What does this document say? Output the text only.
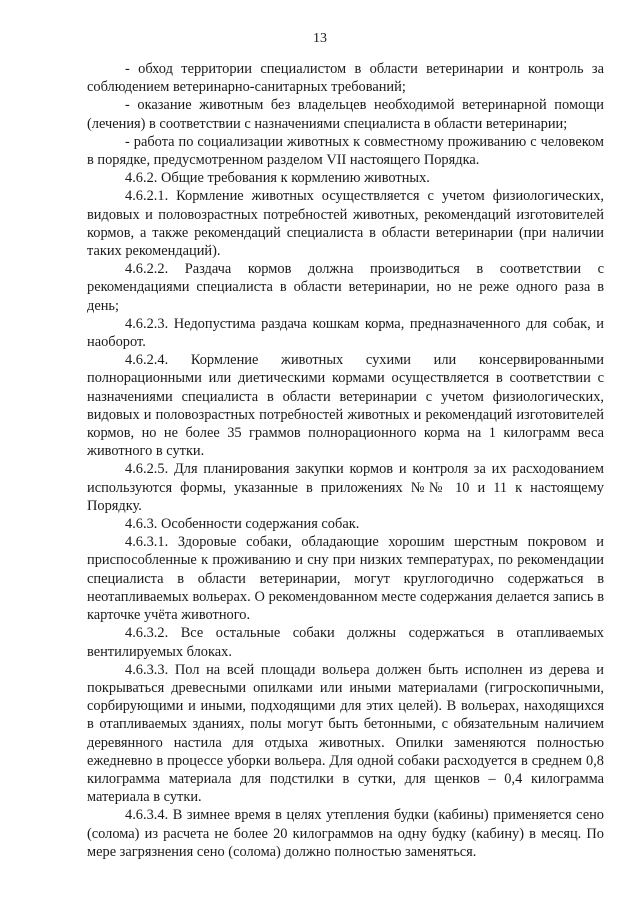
13

- обход территории специалистом в области ветеринарии и контроль за соблюдением ветеринарно-санитарных требований;

- оказание животным без владельцев необходимой ветеринарной помощи (лечения) в соответствии с назначениями специалиста в области ветеринарии;

- работа по социализации животных к совместному проживанию с человеком в порядке, предусмотренном разделом VII настоящего Порядка.

4.6.2. Общие требования к кормлению животных.

4.6.2.1. Кормление животных осуществляется с учетом физиологических, видовых и половозрастных потребностей животных, рекомендаций изготовителей кормов, а также рекомендаций специалиста в области ветеринарии (при наличии таких рекомендаций).

4.6.2.2. Раздача кормов должна производиться в соответствии с рекомендациями специалиста в области ветеринарии, но не реже одного раза в день;

4.6.2.3. Недопустима раздача кошкам корма, предназначенного для собак, и наоборот.

4.6.2.4. Кормление животных сухими или консервированными полнорационными или диетическими кормами осуществляется в соответствии с назначениями специалиста в области ветеринарии с учетом физиологических, видовых и половозрастных потребностей животных и рекомендаций изготовителей кормов, но не более 35 граммов полнорационного корма на 1 килограмм веса животного в сутки.

4.6.2.5. Для планирования закупки кормов и контроля за их расходованием используются формы, указанные в приложениях №№ 10 и 11 к настоящему Порядку.

4.6.3. Особенности содержания собак.

4.6.3.1. Здоровые собаки, обладающие хорошим шерстным покровом и приспособленные к проживанию и сну при низких температурах, по рекомендации специалиста в области ветеринарии, могут круглогодично содержаться в неотапливаемых вольерах. О рекомендованном месте содержания делается запись в карточке учёта животного.

4.6.3.2. Все остальные собаки должны содержаться в отапливаемых вентилируемых блоках.

4.6.3.3. Пол на всей площади вольера должен быть исполнен из дерева и покрываться древесными опилками или иными материалами (гигроскопичными, сорбирующими и иными, подходящими для этих целей). В вольерах, находящихся в отапливаемых зданиях, полы могут быть бетонными, с обязательным наличием деревянного настила для отдыха животных. Опилки заменяются полностью ежедневно в процессе уборки вольера. Для одной собаки расходуется в среднем 0,8 килограмма материала для подстилки в сутки, для щенков – 0,4 килограмма материала в сутки.

4.6.3.4. В зимнее время в целях утепления будки (кабины) применяется сено (солома) из расчета не более 20 килограммов на одну будку (кабину) в месяц. По мере загрязнения сено (солома) должно полностью заменяться.
